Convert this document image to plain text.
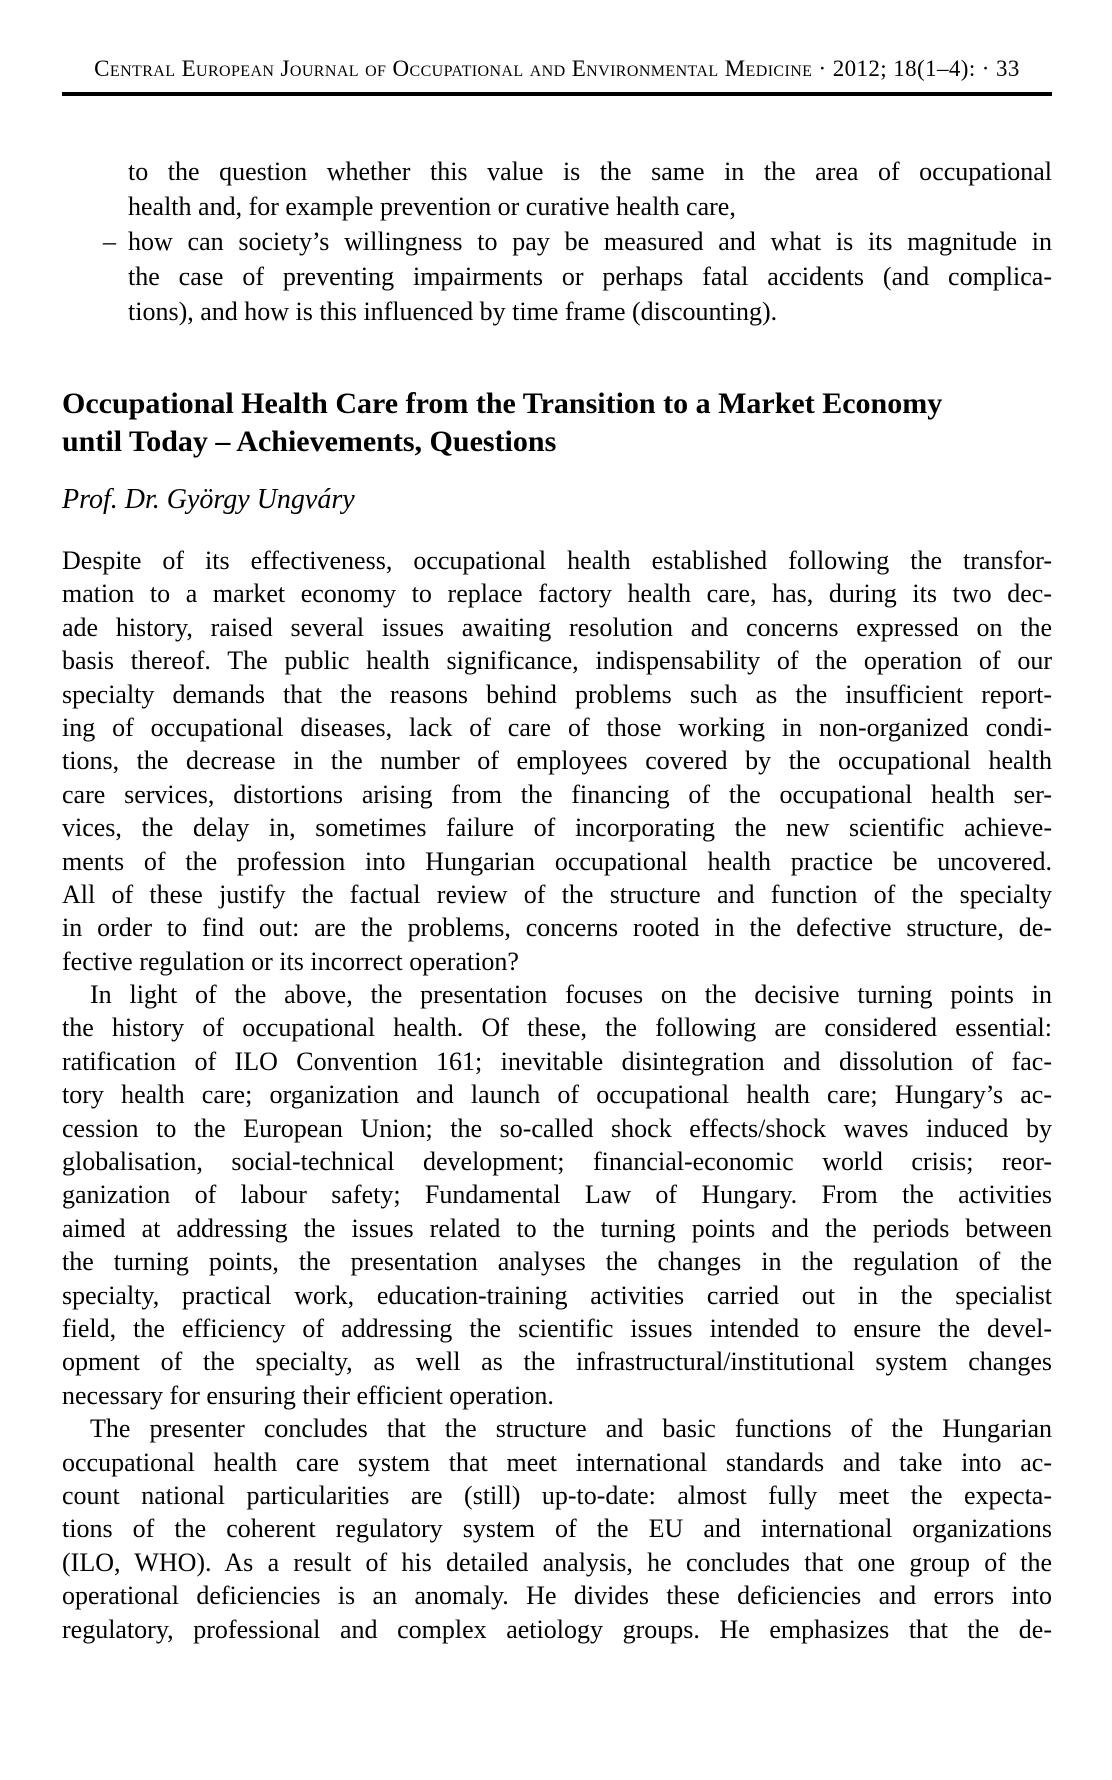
Central European Journal of Occupational and Environmental Medicine · 2012; 18(1–4): · 33
to the question whether this value is the same in the area of occupational
health and, for example prevention or curative health care,
– how can society’s willingness to pay be measured and what is its magnitude in
the case of preventing impairments or perhaps fatal accidents (and complica-
tions), and how is this influenced by time frame (discounting).
Occupational Health Care from the Transition to a Market Economy
until Today – Achievements, Questions
Prof. Dr. György Ungváry
Despite of its effectiveness, occupational health established following the transfor-
mation to a market economy to replace factory health care, has, during its two dec-
ade history, raised several issues awaiting resolution and concerns expressed on the
basis thereof. The public health significance, indispensability of the operation of our
specialty demands that the reasons behind problems such as the insufficient report-
ing of occupational diseases, lack of care of those working in non-organized condi-
tions, the decrease in the number of employees covered by the occupational health
care services, distortions arising from the financing of the occupational health ser-
vices, the delay in, sometimes failure of incorporating the new scientific achieve-
ments of the profession into Hungarian occupational health practice be uncovered.
All of these justify the factual review of the structure and function of the specialty
in order to find out: are the problems, concerns rooted in the defective structure, de-
fective regulation or its incorrect operation?
In light of the above, the presentation focuses on the decisive turning points in
the history of occupational health. Of these, the following are considered essential:
ratification of ILO Convention 161; inevitable disintegration and dissolution of fac-
tory health care; organization and launch of occupational health care; Hungary’s ac-
cession to the European Union; the so-called shock effects/shock waves induced by
globalisation, social-technical development; financial-economic world crisis; reor-
ganization of labour safety; Fundamental Law of Hungary. From the activities
aimed at addressing the issues related to the turning points and the periods between
the turning points, the presentation analyses the changes in the regulation of the
specialty, practical work, education-training activities carried out in the specialist
field, the efficiency of addressing the scientific issues intended to ensure the devel-
opment of the specialty, as well as the infrastructural/institutional system changes
necessary for ensuring their efficient operation.
The presenter concludes that the structure and basic functions of the Hungarian
occupational health care system that meet international standards and take into ac-
count national particularities are (still) up-to-date: almost fully meet the expecta-
tions of the coherent regulatory system of the EU and international organizations
(ILO, WHO). As a result of his detailed analysis, he concludes that one group of the
operational deficiencies is an anomaly. He divides these deficiencies and errors into
regulatory, professional and complex aetiology groups. He emphasizes that the de-
